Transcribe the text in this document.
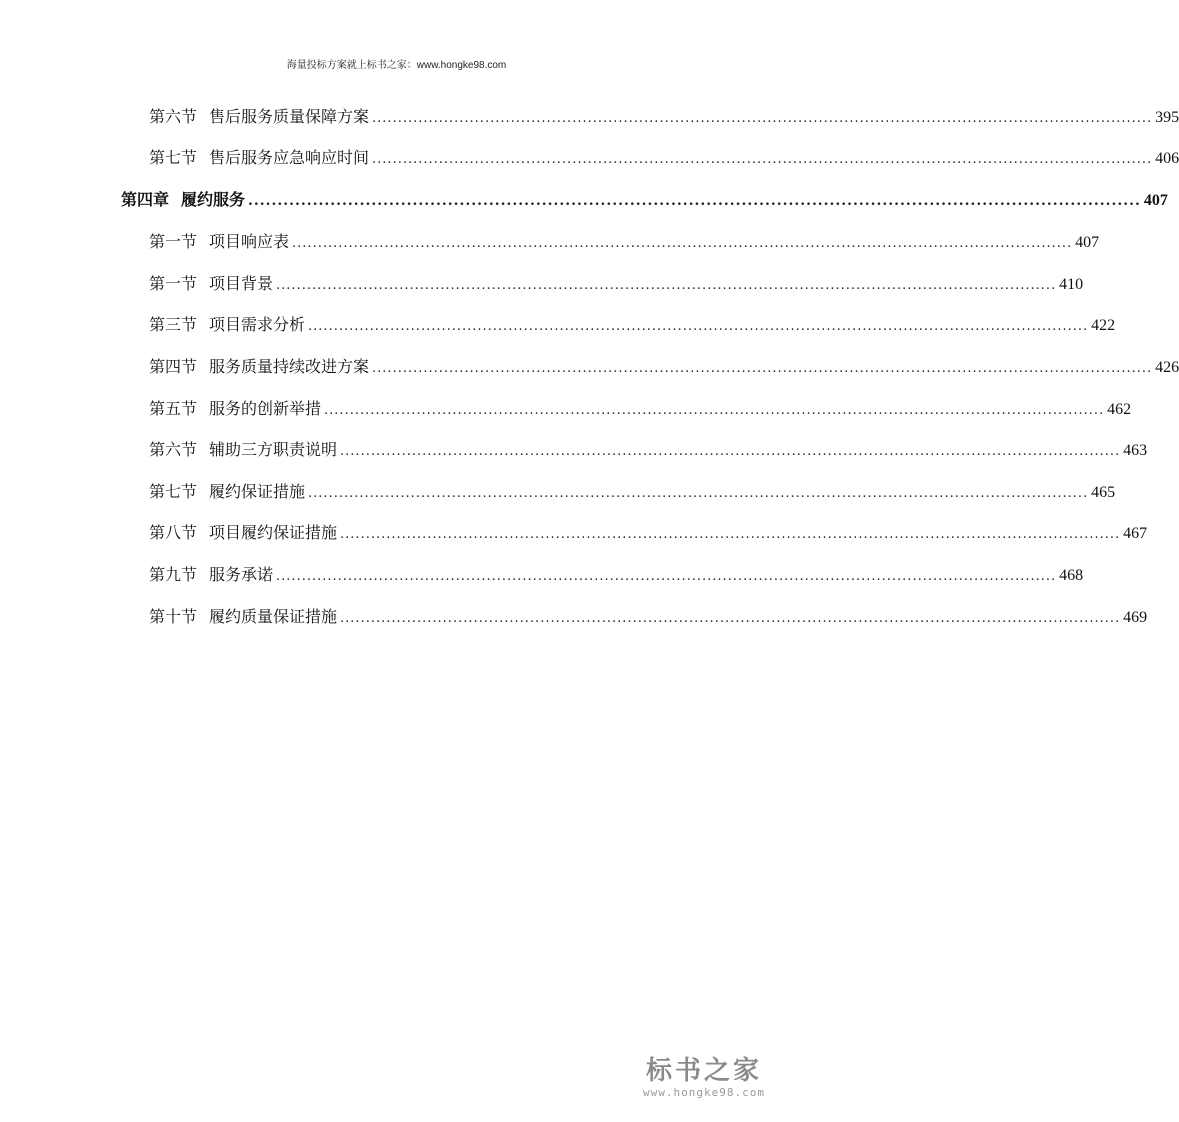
海量投标方案就上标书之家：www.hongke98.com
第六节 售后服务质量保障方案 ........................................................................................................................................................ 395
第七节 售后服务应急响应时间 ........................................................................................................................................................ 406
第四章 履约服务 ........................................................................................................................................................ 407
第一节 项目响应表 ........................................................................................................................................................ 407
第一节 项目背景 ........................................................................................................................................................ 410
第三节 项目需求分析 ........................................................................................................................................................ 422
第四节 服务质量持续改进方案 ........................................................................................................................................................ 426
第五节 服务的创新举措 ........................................................................................................................................................ 462
第六节 辅助三方职责说明 ........................................................................................................................................................ 463
第七节 履约保证措施 ........................................................................................................................................................ 465
第八节 项目履约保证措施 ........................................................................................................................................................ 467
第九节 服务承诺 ........................................................................................................................................................ 468
第十节 履约质量保证措施 ........................................................................................................................................................ 469
标书之家
www.hongke98.com
